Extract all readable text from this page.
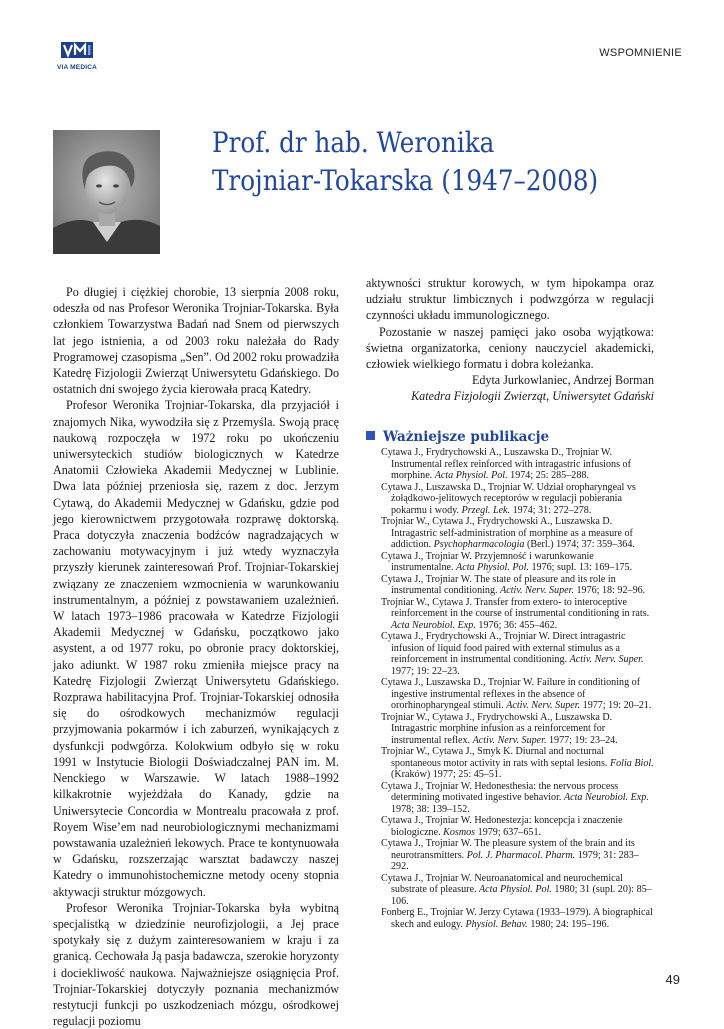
VIA MEDICA
WSPOMNIENIE
Prof. dr hab. Weronika
Trojniar-Tokarska (1947–2008)

Po długiej i ciężkiej chorobie, 13 sierpnia 2008 roku, odeszła od nas Profesor Weronika Trojniar-Tokarska. Była członkiem Towarzystwa Badań nad Snem od pierwszych lat jego istnienia, a od 2003 roku należała do Rady Programowej czasopisma „Sen”. Od 2002 roku prowadziła Katedrę Fizjologii Zwierząt Uniwersytetu Gdańskiego. Do ostatnich dni swojego życia kierowała pracą Katedry.

Profesor Weronika Trojniar-Tokarska, dla przyjaciół i znajomych Nika, wywodziła się z Przemyśla. Swoją pracę naukową rozpoczęła w 1972 roku po ukończeniu uniwersyteckich studiów biologicznych w Katedrze Anatomii Człowieka Akademii Medycznej w Lublinie. Dwa lata później przeniosła się, razem z doc. Jerzym Cytawą, do Akademii Medycznej w Gdańsku, gdzie pod jego kierownictwem przygotowała rozprawę doktorską. Praca dotyczyła znaczenia bodźców nagradzających w zachowaniu motywacyjnym i już wtedy wyznaczyła przyszły kierunek zainteresowań Prof. Trojniar-Tokarskiej związany ze znaczeniem wzmocnienia w warunkowaniu instrumentalnym, a później z powstawaniem uzależnień. W latach 1973–1986 pracowała w Katedrze Fizjologii Akademii Medycznej w Gdańsku, początkowo jako asystent, a od 1977 roku, po obronie pracy doktorskiej, jako adiunkt. W 1987 roku zmieniła miejsce pracy na Katedrę Fizjologii Zwierząt Uniwersytetu Gdańskiego. Rozprawa habilitacyjna Prof. Trojniar-Tokarskiej odnosiła się do ośrodkowych mechanizmów regulacji przyjmowania pokarmów i ich zaburzeń, wynikających z dysfunkcji podwgórza. Kolokwium odbyło się w roku 1991 w Instytucie Biologii Doświadczalnej PAN im. M. Nenckiego w Warszawie. W latach 1988–1992 kilkakrotnie wyjeżdżała do Kanady, gdzie na Uniwersytecie Concordia w Montrealu pracowała z prof. Royem Wise’em nad neurobiologicznymi mechanizmami powstawania uzależnień lekowych. Prace te kontynuowała w Gdańsku, rozszerzając warsztat badawczy naszej Katedry o immunohistochemiczne metody oceny stopnia aktywacji struktur mózgowych.

Profesor Weronika Trojniar-Tokarska była wybitną specjalistką w dziedzinie neurofizjologii, a Jej prace spotykały się z dużym zainteresowaniem w kraju i za granicą. Cechowała Ją pasja badawcza, szerokie horyzonty i dociekliwość naukowa. Najważniejsze osiągnięcia Prof. Trojniar-Tokarskiej dotyczyły poznania mechanizmów restytucji funkcji po uszkodzeniach mózgu, ośrodkowej regulacji poziomu

aktywności struktur korowych, w tym hipokampa oraz udziału struktur limbicznych i podwzgórza w regulacji czynności układu immunologicznego.

Pozostanie w naszej pamięci jako osoba wyjątkowa: świetna organizatorka, ceniony nauczyciel akademicki, człowiek wielkiego formatu i dobra koleżanka.

Edyta Jurkowlaniec, Andrzej Borman
Katedra Fizjologii Zwierząt, Uniwersytet Gdański
Ważniejsze publikacje
Cytawa J., Frydrychowski A., Luszawska D., Trojniar W. Instrumental reflex reinforced with intragastric infusions of morphine. Acta Physiol. Pol. 1974; 25: 285–288.
Cytawa J., Luszawska D., Trojniar W. Udział oropharyngeal vs żołądkowo-jelitowych receptorów w regulacji pobierania pokarmu i wody. Przegl. Lek. 1974; 31: 272–278.
Trojniar W., Cytawa J., Frydrychowski A., Luszawska D. Intragastric self-administration of morphine as a measure of addiction. Psychopharmacologia (Berl.) 1974; 37: 359–364.
Cytawa J., Trojniar W. Przyjemność i warunkowanie instrumentalne. Acta Physiol. Pol. 1976; supl. 13: 169–175.
Cytawa J., Trojniar W. The state of pleasure and its role in instrumental conditioning. Activ. Nerv. Super. 1976; 18: 92–96.
Trojniar W., Cytawa J. Transfer from extero- to interoceptive reinforcement in the course of instrumental conditioning in rats. Acta Neurobiol. Exp. 1976; 36: 455–462.
Cytawa J., Frydrychowski A., Trojniar W. Direct intragastric infusion of liquid food paired with external stimulus as a reinforcement in instrumental conditioning. Activ. Nerv. Super. 1977; 19: 22–23.
Cytawa J., Luszawska D., Trojniar W. Failure in conditioning of ingestive instrumental reflexes in the absence of ororhinopharyngeal stimuli. Activ. Nerv. Super. 1977; 19: 20–21.
Trojniar W., Cytawa J., Frydrychowski A., Luszawska D. Intragastric morphine infusion as a reinforcement for instrumental reflex. Activ. Nerv. Super. 1977; 19: 23–24.
Trojniar W., Cytawa J., Smyk K. Diurnal and nocturnal spontaneous motor activity in rats with septal lesions. Folia Biol. (Kraków) 1977; 25: 45–51.
Cytawa J., Trojniar W. Hedonesthesia: the nervous process determining motivated ingestive behavior. Acta Neurobiol. Exp. 1978; 38: 139–152.
Cytawa J., Trojniar W. Hedonestezja: koncepcja i znaczenie biologiczne. Kosmos 1979; 637–651.
Cytawa J., Trojniar W. The pleasure system of the brain and its neurotransmitters. Pol. J. Pharmacol. Pharm. 1979; 31: 283–292.
Cytawa J., Trojniar W. Neuroanatomical and neurochemical substrate of pleasure. Acta Physiol. Pol. 1980; 31 (supl. 20): 85–106.
Fonberg E., Trojniar W. Jerzy Cytawa (1933–1979). A biographical skech and eulogy. Physiol. Behav. 1980; 24: 195–196.
49
